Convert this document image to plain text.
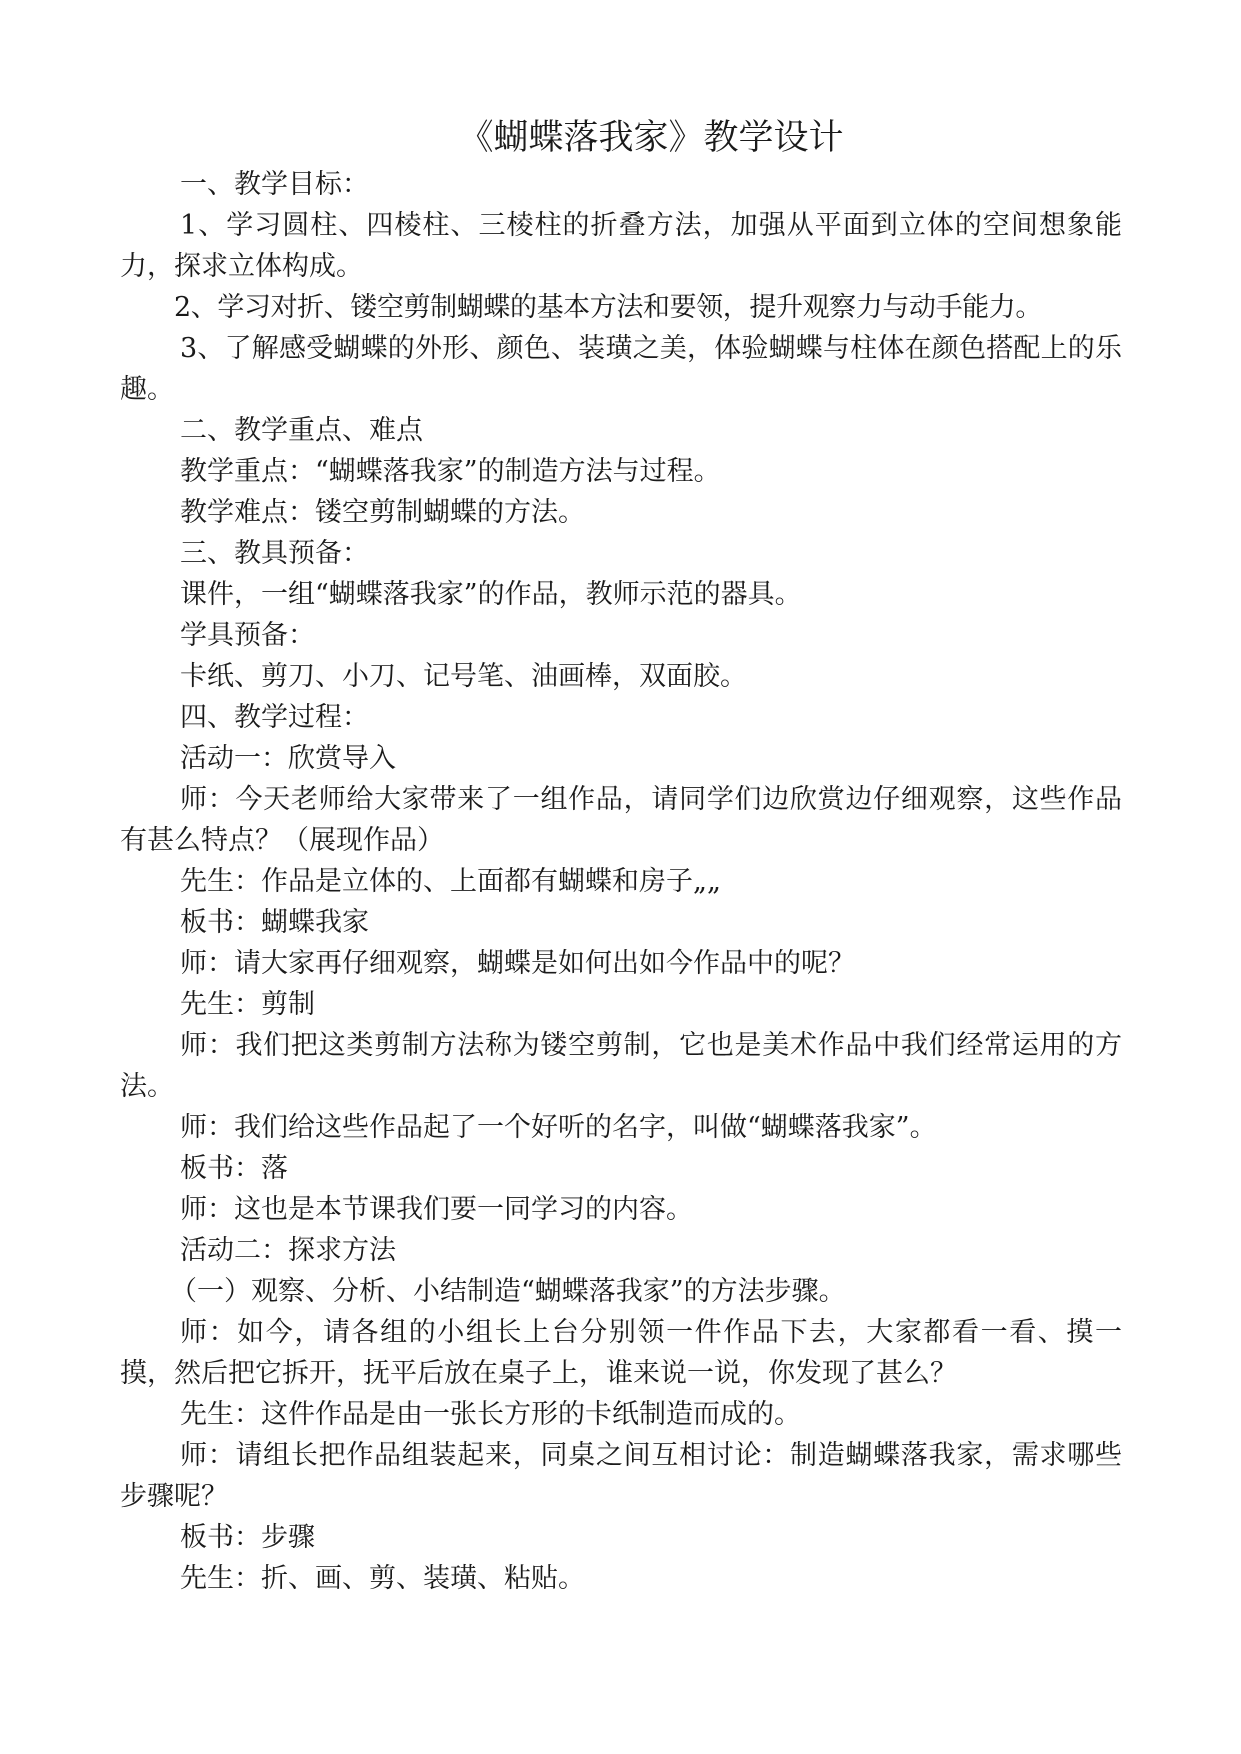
《蝴蝶落我家》教学设计

一、教学目标：

1、学习圆柱、四棱柱、三棱柱的折叠方法，加强从平面到立体的空间想象能力，探求立体构成。

2、学习对折、镂空剪制蝴蝶的基本方法和要领，提升观察力与动手能力。

3、了解感受蝴蝶的外形、颜色、装璜之美，体验蝴蝶与柱体在颜色搭配上的乐趣。

二、教学重点、难点

教学重点：“蝴蝶落我家”的制造方法与过程。

教学难点：镂空剪制蝴蝶的方法。

三、教具预备：

课件，一组“蝴蝶落我家”的作品，教师示范的器具。

学具预备：

卡纸、剪刀、小刀、记号笔、油画棒，双面胶。

四、教学过程：

活动一：欣赏导入

师：今天老师给大家带来了一组作品，请同学们边欣赏边仔细观察，这些作品有甚么特点？（展现作品）

先生：作品是立体的、上面都有蝴蝶和房子„„

板书：蝴蝶我家

师：请大家再仔细观察，蝴蝶是如何出如今作品中的呢？

先生：剪制

师：我们把这类剪制方法称为镂空剪制，它也是美术作品中我们经常运用的方法。

师：我们给这些作品起了一个好听的名字，叫做“蝴蝶落我家”。

板书：落

师：这也是本节课我们要一同学习的内容。

活动二：探求方法

（一）观察、分析、小结制造“蝴蝶落我家”的方法步骤。

师：如今，请各组的小组长上台分别领一件作品下去，大家都看一看、摸一摸，然后把它拆开，抚平后放在桌子上，谁来说一说，你发现了甚么？

先生：这件作品是由一张长方形的卡纸制造而成的。

师：请组长把作品组装起来，同桌之间互相讨论：制造蝴蝶落我家，需求哪些步骤呢？

板书：步骤

先生：折、画、剪、装璜、粘贴。
